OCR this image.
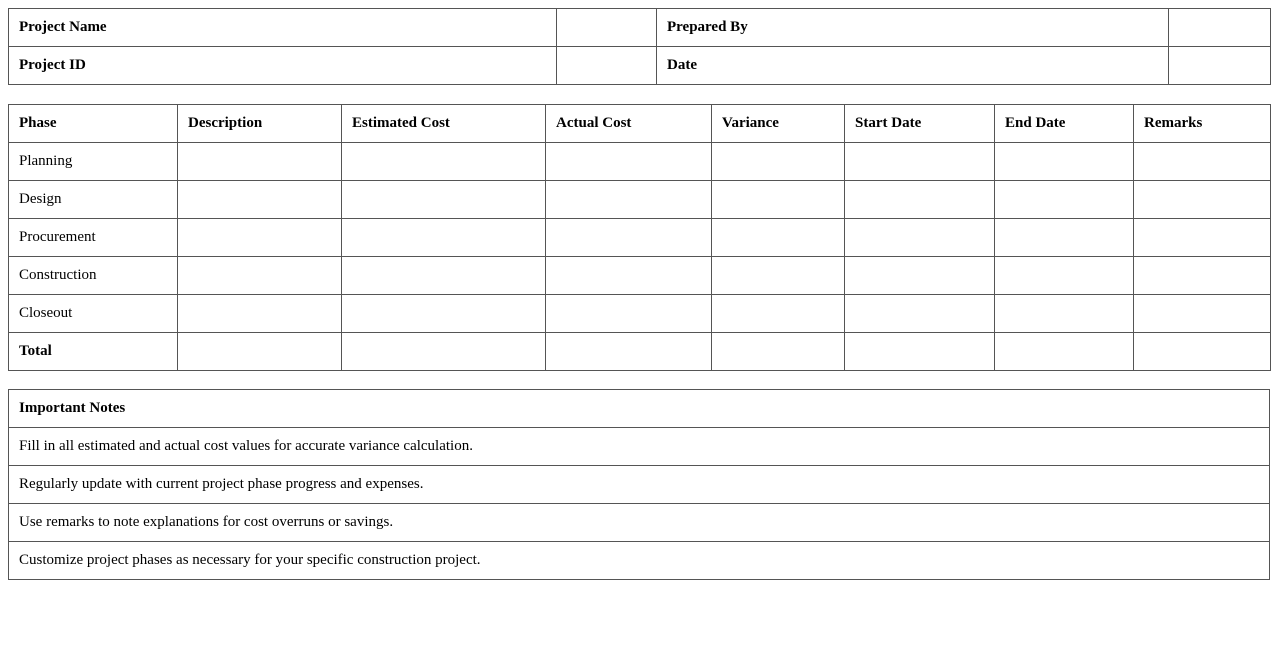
Project Name		Prepared By	
Project ID		Date	
Phase	Description	Estimated Cost	Actual Cost	Variance	Start Date	End Date	Remarks
Planning							
Design							
Procurement							
Construction							
Closeout							
Total							
Important Notes
Fill in all estimated and actual cost values for accurate variance calculation.
Regularly update with current project phase progress and expenses.
Use remarks to note explanations for cost overruns or savings.
Customize project phases as necessary for your specific construction project.
